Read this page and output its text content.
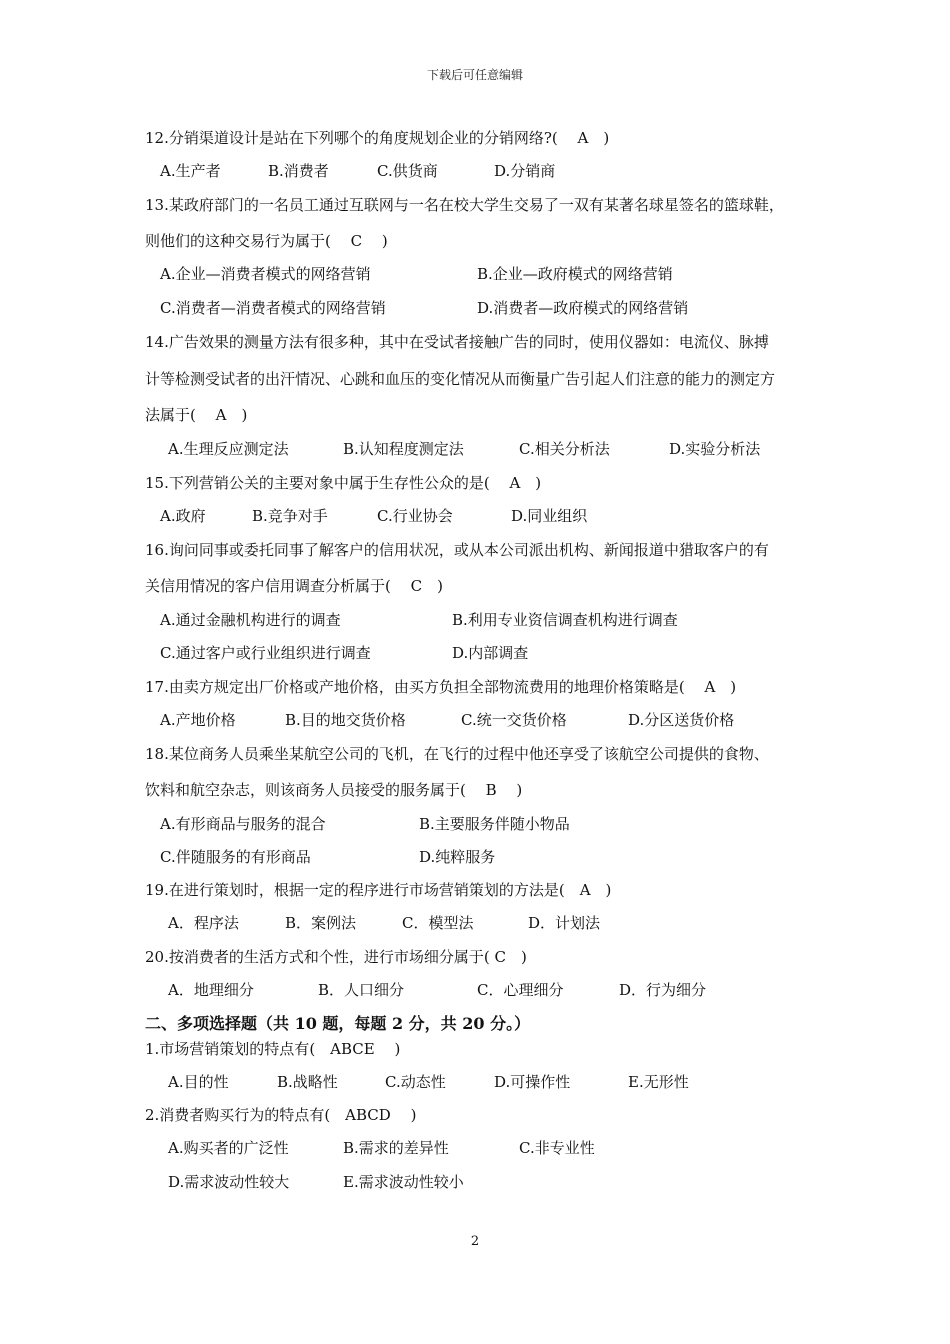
下载后可任意编辑
12.分销渠道设计是站在下列哪个的角度规划企业的分销网络?(　 A　)
A.生产者	B.消费者	C.供货商	D.分销商
13.某政府部门的一名员工通过互联网与一名在校大学生交易了一双有某著名球星签名的篮球鞋，
则他们的这种交易行为属于(　 C　 )
A.企业—消费者模式的网络营销	B.企业—政府模式的网络营销
C.消费者—消费者模式的网络营销	D.消费者—政府模式的网络营销
14.广告效果的测量方法有很多种，其中在受试者接触广告的同时，使用仪器如：电流仪、脉搏
计等检测受试者的出汗情况、心跳和血压的变化情况从而衡量广告引起人们注意的能力的测定方
法属于(　 A　)
A.生理反应测定法	B.认知程度测定法	C.相关分析法	D.实验分析法
15.下列营销公关的主要对象中属于生存性公众的是(　 A　)
A.政府	B.竞争对手	C.行业协会	D.同业组织
16.询问同事或委托同事了解客户的信用状况，或从本公司派出机构、新闻报道中猎取客户的有
关信用情况的客户信用调查分析属于(　 C　)
A.通过金融机构进行的调查	B.利用专业资信调查机构进行调查
C.通过客户或行业组织进行调查	D.内部调查
17.由卖方规定出厂价格或产地价格，由买方负担全部物流费用的地理价格策略是(　 A　)
A.产地价格	B.目的地交货价格	C.统一交货价格	D.分区送货价格
18.某位商务人员乘坐某航空公司的飞机，在飞行的过程中他还享受了该航空公司提供的食物、
饮料和航空杂志，则该商务人员接受的服务属于(　 B　 )
A.有形商品与服务的混合	B.主要服务伴随小物品
C.伴随服务的有形商品	D.纯粹服务
19.在进行策划时，根据一定的程序进行市场营销策划的方法是(　A　)
A．程序法	B．案例法	C．模型法	D．计划法
20.按消费者的生活方式和个性，进行市场细分属于( C　)
A．地理细分	B．人口细分	C．心理细分	D．行为细分
二、多项选择题（共 10 题，每题 2 分，共 20 分。）
1.市场营销策划的特点有(　ABCE　 )
A.目的性	B.战略性	C.动态性	D.可操作性	E.无形性
2.消费者购买行为的特点有(　ABCD　 )
A.购买者的广泛性	B.需求的差异性	C.非专业性
D.需求波动性较大	E.需求波动性较小
2
